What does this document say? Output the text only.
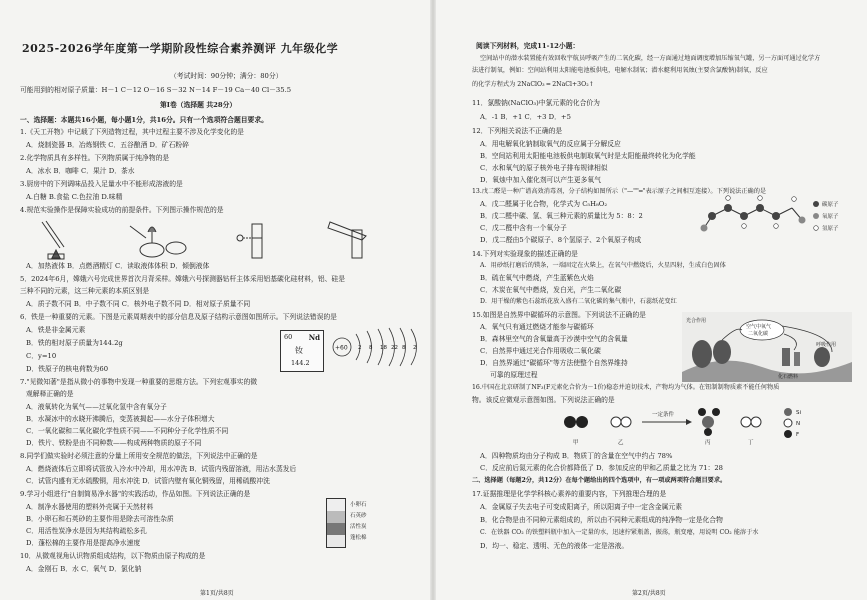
2025-2026学年度第一学期阶段性综合素养测评 九年级化学
（考试时间：90分钟；满分：80分）
可能用到的相对原子质量：H－1 C－12 O－16 S－32 N－14 F－19 Ca－40 Cl－35.5
第Ⅰ卷（选择题 共28分）
一、选择题：本题共16小题，每小题1分，共16分。只有一个选项符合题目要求。
1.《天工开物》中记载了下列造物过程，其中过程主要不涉及化学变化的是
A．烧制瓷器 B．冶炼钢铁 C．五谷酿酒 D．矿石粉碎
2.化学物质具有多样性。下列物质属于纯净物的是
A．冰水 B．咖啡 C．果汁 D．茶水
3.厨房中的下列调味品投入足量水中不能形成溶液的是
A.白糖 B.食盐 C.色拉油 D.味精
4.规范实验操作是保障实验成功的前提条件。下列图示操作规范的是
A．加热液体 B．点燃酒精灯 C．读取液体体积 D．倾倒液体
5．2024年6月，嫦娥六号完成世界首次月背采样。嫦娥六号探测器钻杆主体采用铝基碳化硅材料，铝、硅是
三种不同的元素，这三种元素的本质区别是
A．质子数不同 B．中子数不同 C．核外电子数不同 D．相对原子质量不同
6．铁是一种重要的元素。下图是元素周期表中的部分信息及原子结构示意图如图所示。下列说法错误的是
A．铁是非金属元素
B．铁的相对原子质量为144.2g
C．y=10
D．铁原子的核电荷数为60
60 Nd
钕
144.2
+60 2 8 18 22 8 2
7."见微知著"是指从微小的事物中发现一种重要的思维方法。下列宏观事实的微
观解释正确的是
A．液氧转化为氧气——过氧化氢中含有氧分子
B．水凝冰中的水晓开沸腾后，变蒸被揭起——水分子体积增大
C．一氧化碳和二氧化碳化学性质不同——不同种分子化学性质不同
D．铁片、铁粉是由不同种数——构成两种物质的原子不同
8.同学们做实验时必须注意的分量上所用安全规范的做法，下列说法中正确的是
A．燃烧液体后立即将试管放入冷水中冷却，用水冲洗 B．试管内残留溶液，用沾水蒸发后
C．试管内盛有无水硫酸铜，用水冲洗 D．试管内壁有氧化铜残留，用稀硫酸冲洗
9.学习小组进行"自制简易净水器"的实践活动，作品如图。下列说法正确的是
A．制净水器使用的塑料外壳属于天然材料
B．小卵石和石英砂的主要作用是除去可溶性杂质
C．用活性炭净水是因为其结构疏松多孔
D．蓬松棉的主要作用是提高净水速度
小卵石
石英砂
活性炭
蓬松棉
10．从微观视角认识物质组成结构，以下物质由原子构成的是
A．金刚石 B．水 C．氧气 D．氯化钠
第1页/共8页
阅读下列材料，完成11-12小题：
空间站中的潜水装置能有效回收宇航员呼吸产生的二氧化碳，经一方面通过地面调度增加压缩氧气罐，另一方面可通过化学方
法进行制氧，例如：空间站利用太阳能电池板供电，电解水制氧；潜水艇利用氧烛(主要含氯酸钠)制氧，反应
的化学方程式为 2NaClO₃ ═ 2NaCl+3O₂↑
11．氯酸钠(NaClO₃)中氯元素的化合价为
A．-1 B．+1 C．+3 D．+5
12．下列相关说法不正确的是
A．用电解氧化钠制取氧气的反应属于分解反应
B．空间站利用太阳能电池板供电制取氧气时是太阳能最终转化为化学能
C．水和氧气的原子核外电子排布规律相似
D．氧烛中加入催化剂可以产生更多氧气
13.戊二醛是一种广谱高效消毒剂，分子结构如图所示（"—""═"表示原子之间相互连接）。下列说法正确的是
A．戊二醛属于化合物，化学式为 C₅H₈O₂
B．戊二醛中碳、氢、氧三种元素的质量比为 5：8：2
C．戊二醛中含有一个氧分子
D．戊二醛由5个碳原子、8个氢原子、2个氧原子构成
碳原子
氧原子
氢原子
14.下列对实验现象的描述正确的是
A．用砂纸打磨后的镁条，一端固定在火柴上，在氧气中燃烧后，火星四射，生成白色固体
B．硫在氧气中燃烧，产生蓝紫色火焰
C．木炭在氧气中燃烧，发白光，产生二氧化碳
D．用干燥的紫色石蕊纸花放入盛有二氧化碳的集气瓶中，石蕊纸花变红
15.如图是自然界中碳循环的示意图。下列说法不正确的是
A．氧气只有通过燃烧才能参与碳循环
B．森林里空气的含氧量高于沙漠中空气的含氧量
C．自然界中通过光合作用吸收二氧化碳
D．自然界通过"碳循环"等方法使整个自然界维持
可靠的原理过程
光合作用
空气中氧气
二氧化碳
化石燃料
呼吸作用
16.中国在北京研制了NF₃(F元素化合价为－1价)稳态并迫切技术，产物均为气体。在钮制制物质素不能任何物质
物。该反应微观示意图如图。下列说法正确的是
一定条件
甲	乙	丙	丁
Si
N
F
A．四种物质均由分子构成 B．物质丁的含量在空气中约占 78%
C．反应前后氮元素的化合价都降低了 D．参加反应的甲和乙质量之比为 71：28
二、选择题（每题2分，共12分）在每个题给出的四个选项中，有一项或两项符合题目要求。
17.证据推理是化学学科核心素养的重要内容，下列推理合理的是
A．金属原子失去电子可变成阳离子，所以阳离子中一定含金属元素
B．化合物是由不同种元素组成的，所以由不同种元素组成的纯净物一定是化合物
C．在铁器 CO₂ 的铁塑料瓶中加入一定量的水，迅速拧紧瓶盖，振荡，瓶变瘪，用说明 CO₂ 能溶于水
D．均一、稳定、透明、无色的液体一定是溶液。
第2页/共8页
